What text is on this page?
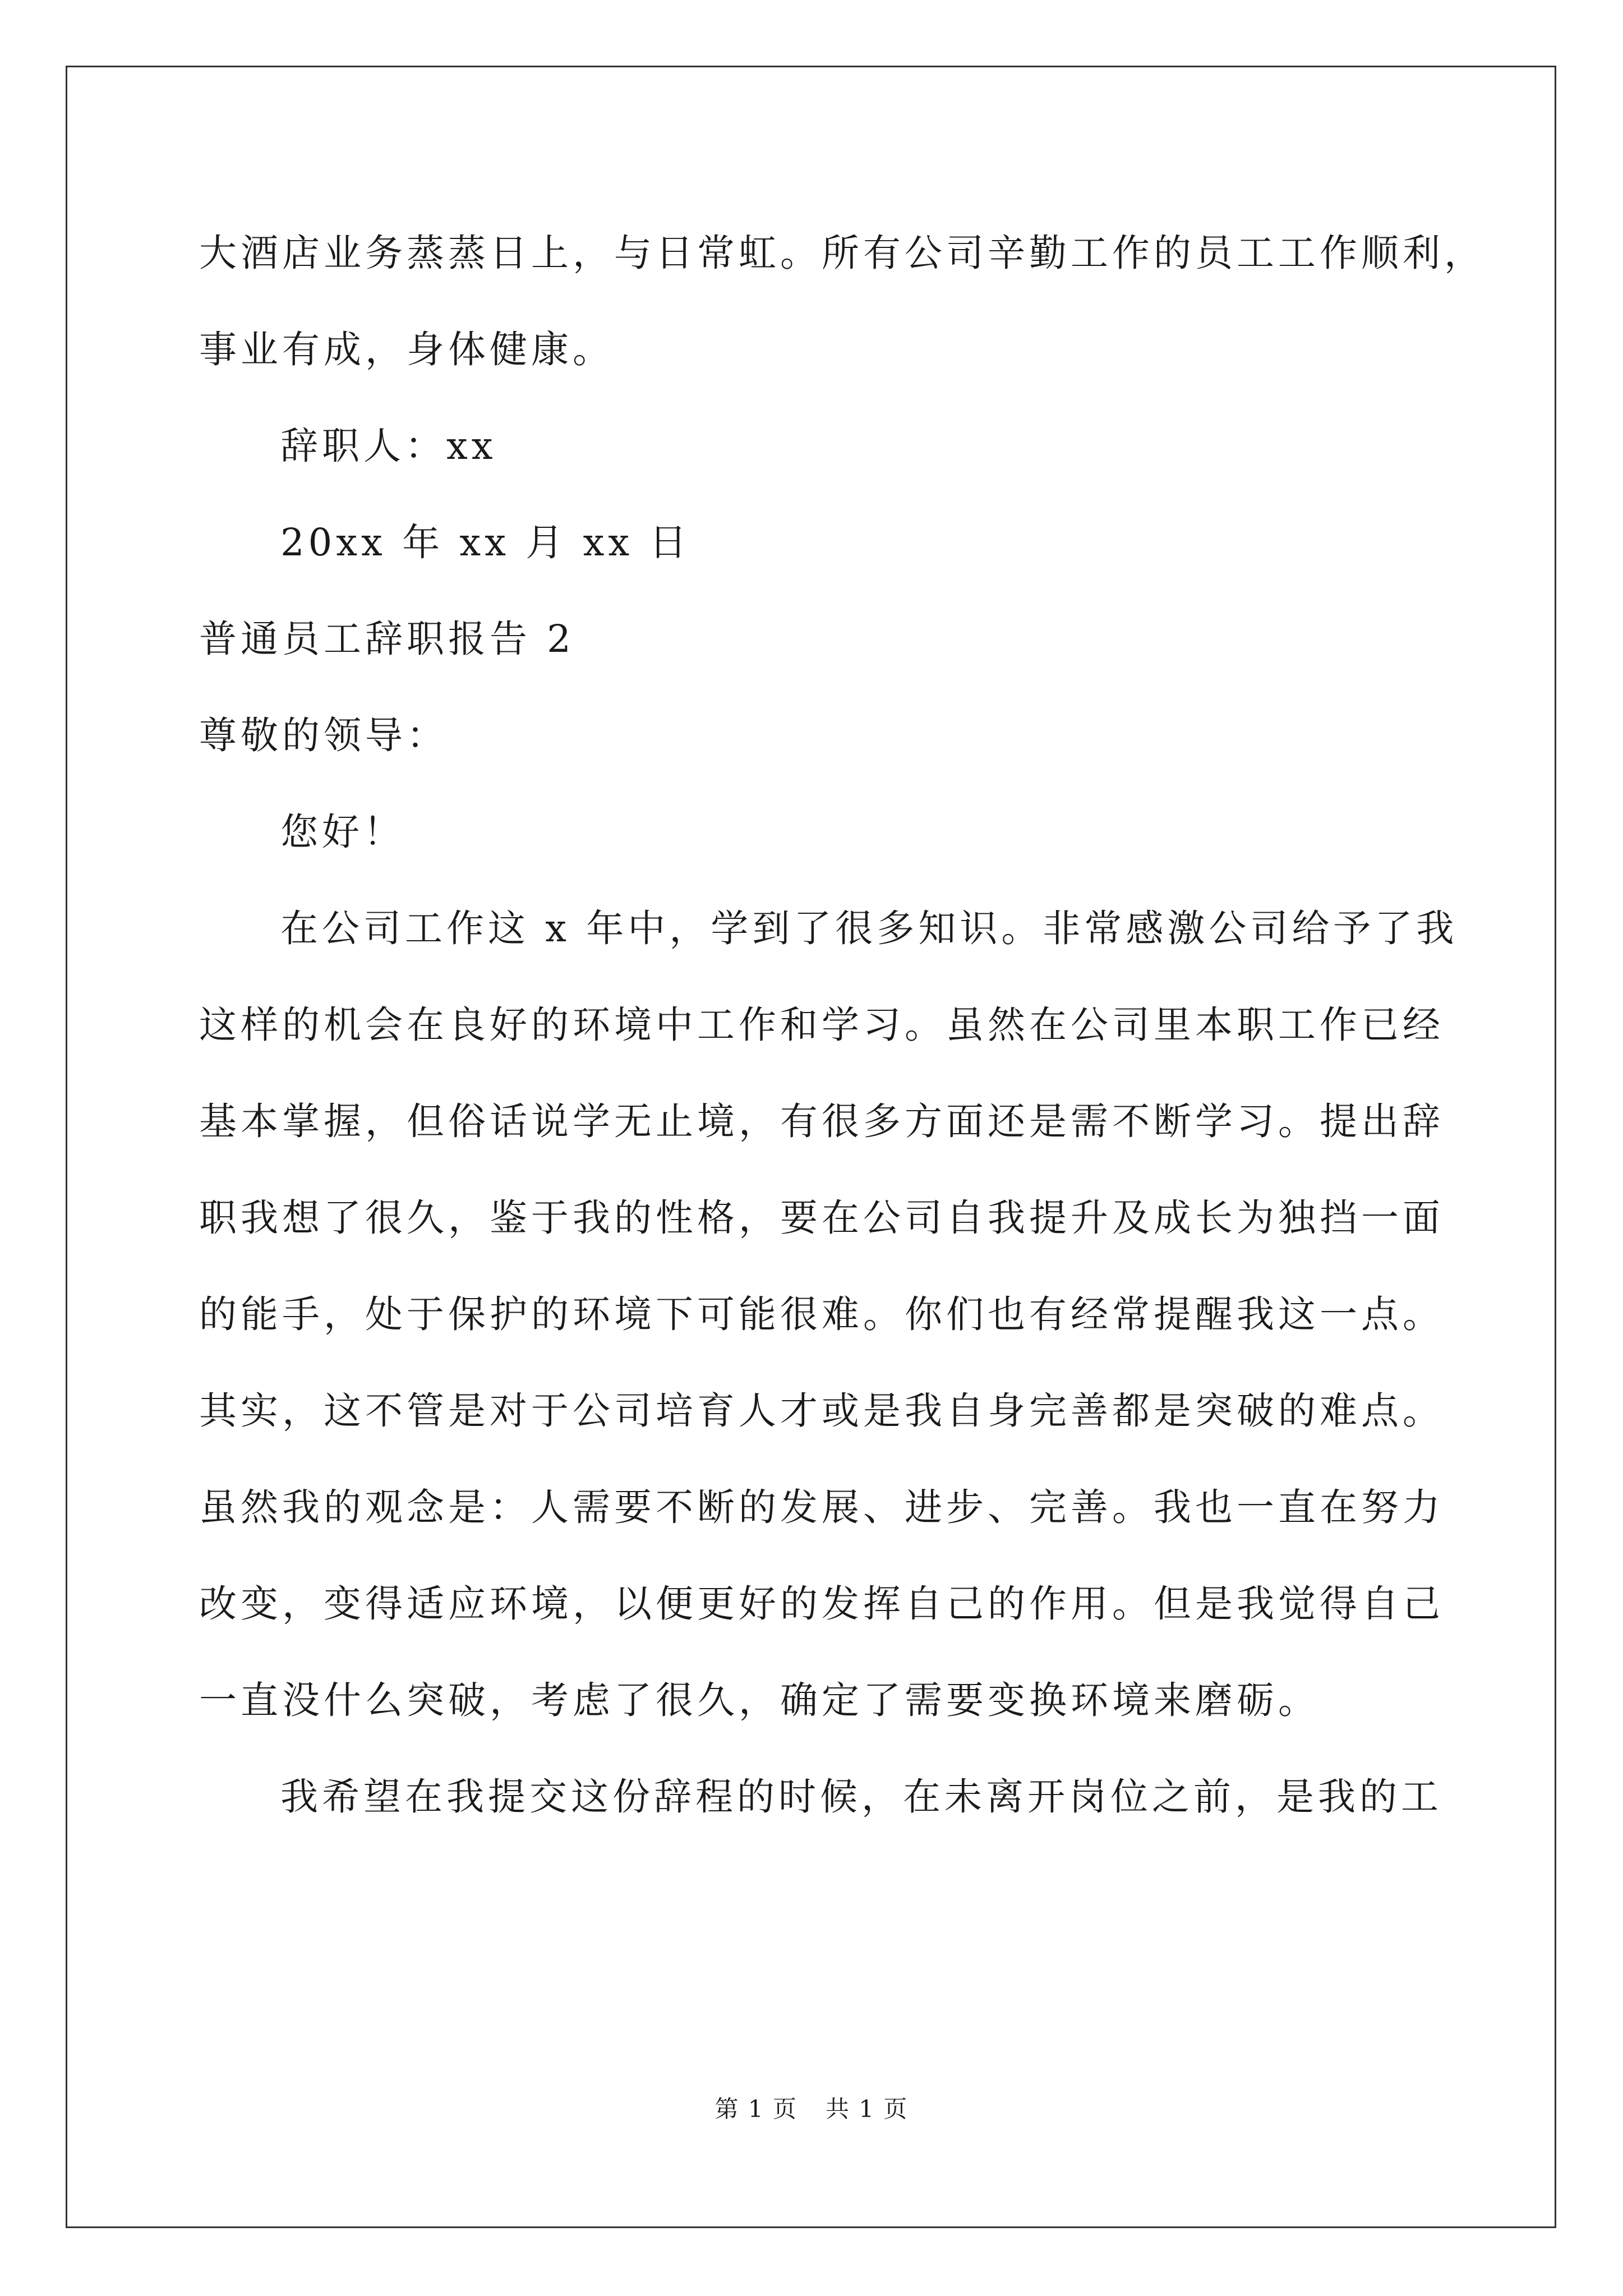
大酒店业务蒸蒸日上，与日常虹。所有公司辛勤工作的员工工作顺利，
事业有成，身体健康。
辞职人：xx
20xx 年 xx 月 xx 日
普通员工辞职报告 2
尊敬的领导：
您好！
在公司工作这 x 年中，学到了很多知识。非常感激公司给予了我
这样的机会在良好的环境中工作和学习。虽然在公司里本职工作已经
基本掌握，但俗话说学无止境，有很多方面还是需不断学习。提出辞
职我想了很久，鉴于我的性格，要在公司自我提升及成长为独挡一面
的能手，处于保护的环境下可能很难。你们也有经常提醒我这一点。
其实，这不管是对于公司培育人才或是我自身完善都是突破的难点。
虽然我的观念是：人需要不断的发展、进步、完善。我也一直在努力
改变，变得适应环境，以便更好的发挥自己的作用。但是我觉得自己
一直没什么突破，考虑了很久，确定了需要变换环境来磨砺。
我希望在我提交这份辞程的时候，在未离开岗位之前，是我的工
第 1 页 共 1 页
